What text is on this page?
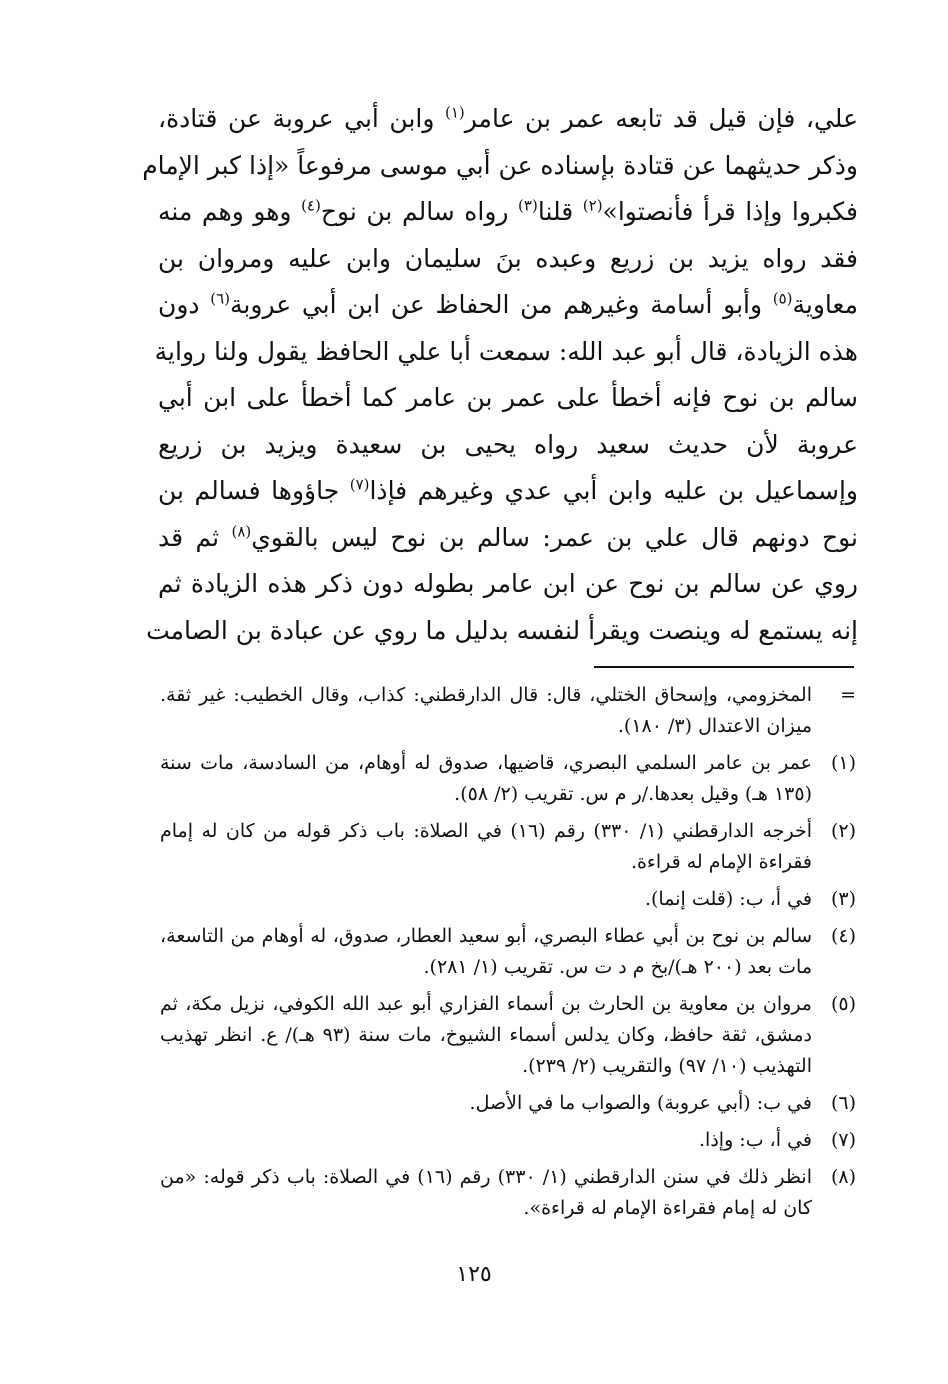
علي، فإن قيل قد تابعه عمر بن عامر$^{(١)}$ وابن أبي عروبة عن قتادة،
وذكر حديثهما عن قتادة بإسناده عن أبي موسى مرفوعاً «إذا كبر الإمام
فكبروا وإذا قرأ فأنصتوا»$^{(٢)}$ قلنا$^{(٣)}$ رواه سالم بن نوح$^{(٤)}$ وهو وهم منه
فقد رواه يزيد بن زريع وعبده بنَ سليمان وابن عليه ومروان بن
معاوية$^{(٥)}$ وأبو أسامة وغيرهم من الحفاظ عن ابن أبي عروبة$^{(٦)}$ دون
هذه الزيادة، قال أبو عبد الله: سمعت أبا علي الحافظ يقول ولنا رواية
سالم بن نوح فإنه أخطأ على عمر بن عامر كما أخطأ على ابن أبي
عروبة لأن حديث سعيد رواه يحيى بن سعيدة ويزيد بن زريع
وإسماعيل بن عليه وابن أبي عدي وغيرهم فإذا$^{(٧)}$ جاؤوها فسالم بن
نوح دونهم قال علي بن عمر: سالم بن نوح ليس بالقوي$^{(٨)}$ ثم قد
روي عن سالم بن نوح عن ابن عامر بطوله دون ذكر هذه الزيادة ثم
إنه يستمع له وينصت ويقرأ لنفسه بدليل ما روي عن عبادة بن الصامت
=
المخزومي، وإسحاق الختلي، قال: قال الدارقطني: كذاب، وقال الخطيب: غير ثقة. ميزان الاعتدال (٣/ ١٨٠).
(١)
عمر بن عامر السلمي البصري، قاضيها، صدوق له أوهام، من السادسة، مات سنة (١٣٥ هـ) وقيل بعدها./ر م س. تقريب (٢/ ٥٨).
(٢)
أخرجه الدارقطني (١/ ٣٣٠) رقم (١٦) في الصلاة: باب ذكر قوله من كان له إمام فقراءة الإمام له قراءة.
(٣)
في أ، ب: (قلت إنما).
(٤)
سالم بن نوح بن أبي عطاء البصري، أبو سعيد العطار، صدوق، له أوهام من التاسعة، مات بعد (٢٠٠ هـ)/بخ م د ت س. تقريب (١/ ٢٨١).
(٥)
مروان بن معاوية بن الحارث بن أسماء الفزاري أبو عبد الله الكوفي، نزيل مكة، ثم دمشق، ثقة حافظ، وكان يدلس أسماء الشيوخ، مات سنة (٩٣ هـ)/ ع. انظر تهذيب التهذيب (١٠/ ٩٧) والتقريب (٢/ ٢٣٩).
(٦)
في ب: (أبي عروبة) والصواب ما في الأصل.
(٧)
في أ، ب: وإذا.
(٨)
انظر ذلك في سنن الدارقطني (١/ ٣٣٠) رقم (١٦) في الصلاة: باب ذكر قوله: «من كان له إمام فقراءة الإمام له قراءة».
١٢٥
